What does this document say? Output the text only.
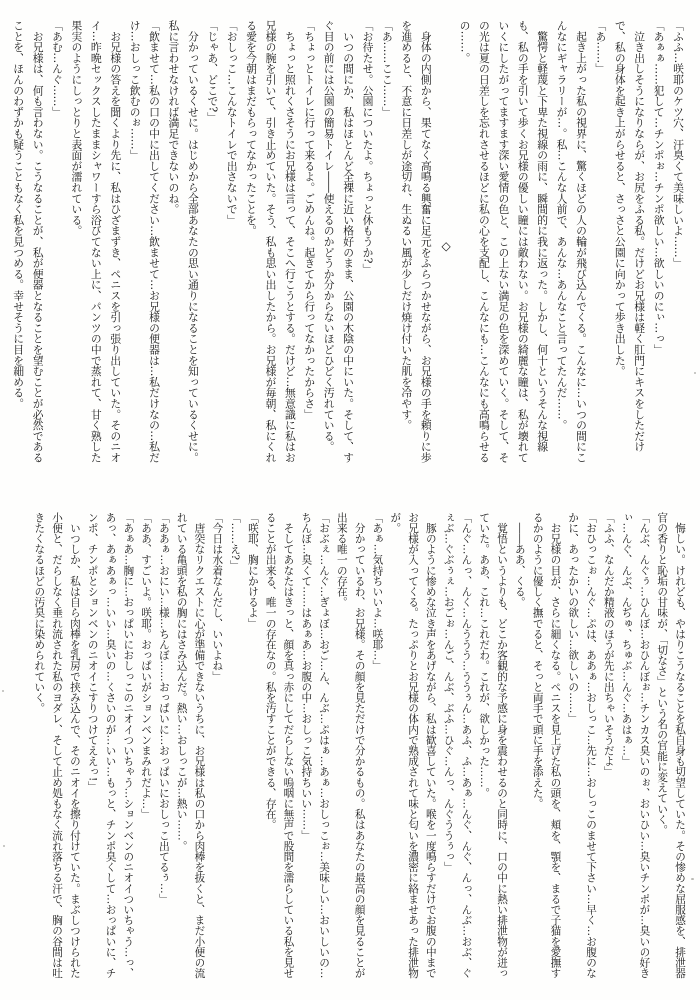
「ふふ…咲耶のケツ穴、汗臭くて美味しいよ……」

「あぁぁ……犯して…チンポぉ…チンポ欲しい…欲しいのにぃ…っ」

　泣き出しそうになりならが、お尻をふる私。だけどお兄様は軽く肛門にキスをしただけで、私の身体を起き上がらせると、さっさと公園に向かって歩き出した。

「あ……」

　起き上がった私の視界に、驚くほどの人の輪が飛び込んでくる。こんなに…いつの間にこんなにギャラリーが…。私…こんな人前で、あんな…あんなこと言ってたんだ……。

　驚愕と軽蔑と下卑た視線の雨に、瞬間的に我に返った。しかし、何十というそんな視線も、私の手を引いて歩くお兄様の優しい瞳には敵わない。お兄様の綺麗な瞳は、私が壊れていくにしたがってますます深い愛情の色と、この上ない満足の色を深めていく。そして、その光は夏の日差しを忘れさせるほどに私の心を支配し、こんなにも…こんなにも高鳴らせるの……。

◇

　身体の内側から、果てなく高鳴る興奮に足元をふらつかせながら、お兄様の手を頼りに歩を進めると、不意に日差しが途切れ、生ぬるい風が少しだけ焼け付いた肌を冷やす。

「あ……ここ……」

「お待たせ。公園についたよ。ちょっと休もうか?」

　いつの間にか、私はほとんど全裸に近い格好のまま、公園の木陰の中にいた。そして、すぐ目の前には公園の簡易トイレ――使えるのかどうか分からないほどひどく汚れている。

「ちょっとトイレに行って来るよ。ごめんね。起きてから行ってなかったからさ」

　ちょっと照れくさそうにお兄様は言って、そこへ行こうとする。だけど…無意識に私はお兄様の腕を引いて、引き止めていた。そう、私も思い出したから。お兄様が毎朝、私にくれる愛を今朝はまだもらってなかったことを。

「おしっこ…こんなトイレで出さないで」

「じゃあ、どこで?」

　分かっているくせに。はじめから全部あなたの思い通りになることを知っているくせに。私に言わせなければ満足できないのね。

「飲ませて…私の口の中に出してください…飲ませて…お兄様の便器は…私だけなの…私だけ…おしっこ飲むのぉ……」

　お兄様の答えを聞くより先に、私はひざまずき、ペニスを引っ張り出していた。そのニオイ…昨晩セックスしたままシャワーすら浴びてない上に、パンツの中で蒸れて、甘く熟した果実のようにしっとりと表面が濡れている。

「あむ…んぐ……」

　お兄様は、何も言わない。こうなることが、私が便器となることを望むことが必然であることを、ほんのわずかも疑うこともなく私を見つめる。幸せそうに目を細める。

　悔しい。けれども、やはりこうなることを私自身も切望していた。その惨めな屈服感を、排泄器官の香りと恥垢の甘味が、「切なさ」という名の官能に変えていく。

「んぶ、んぐぅ…ひんぼ…おひんぼぉ…チンカス臭いのぉ、おいひい…臭いチンポが…臭いの好きぃ…んぐ、んぶ、んぢゅ、ちゅぶ…んぐ…あはぁ…」

「ふふ、なんだか精液のほうが先に出ちゃいそうだよ」

「おひっこぉ…んぐ…ぷは、ああぁ…おしっこ…先に…おしっこのませて下さい…早く…お腹のなかに、あったかいの欲しい…欲しいの……」

　お兄様の目が、さらに細くなる。ペニスを見上げた私の頭を、頬を、顎を、まるで子猫を愛撫するかのように優しく撫でると、そっと両手で頭に手を添えた。

　――ああ、くる。

　覚悟というよりも、どこか客観的な予感に身を震わせるのと同時に、口の中に熱い排泄物が迸っていた。ああ、これ…これだわ。これが、欲しかった……。

「んぐ…んっ、んく…んううう…ううぅん…あふ、ふ…あぁ…んぐ、んぐ、んっ、んぶ…おぶ、ぐぇぶ…ぐぶぅぇ…おごぉ…んご、んぶ、ぶふ…ひぐ…んっ、んぐううぅっ」

　豚のように惨めな泣き声をあげながら、私は歓喜していた。喉を一度鳴らすだけでお腹の中までお兄様が入ってくる。たっぷりとお兄様の体内で熟成されて味と匂いを濃密に絡ませあった排泄物が。

「あぁ…気持ちいいよ…咲耶…」

　分かっているわ、お兄様。その顔を見ただけで分かるもの。私はあなたの最高の顔を見ることが出来る唯一の存在。

「おぶぇ…んぐ…ぎょぼ…おご…ん、んぶ…ぷはぁ…あぁ…おしっこぉ…美味しい…おいしいの…ちんぼ…臭くて……はあぁあ…お腹の中…おしっこ気持ちいい……」

　そしてあなたはきっと、顔を真っ赤にしてだらしない嗚咽に無声で股間を濡らしている私を見せることが出来る、唯一の存在なの。私を汚すことができる、存在。

「咲耶、胸にかけるよ」

「……え?」

「今日は水着なんだし、いいよね」

　唐突なリクエストに心が準備できないうちに、お兄様は私の口から肉棒を抜くと、まだ小便の流れている亀頭を私の胸にはさみ込んだ。熱い…おしっこが…熱い……。

「ああぁ…おにい…様…ちんぼ……おっぱいに…おっぱいにおしっこ出てるぅ…」

「ああ、すごいよ。咲耶。おっぱいがションベンまみれだよ…」

「あぁあ…胸に…おっぱいにおしっこのニオイついちゃう…ションベンのニオイついちゃう…っ、あっ、あぁあぁっ…いい…臭いの…くさいのが…いい…もっと、チンポ臭くして…おっぱいに、チンポ、チンポとションベンのニオイこすりつけてええっ!」

　いつしか、私は自ら肉棒を乳房で挟み込んで、そのニオイを擦り付けていた。まぶしつけられた小便と、だらしなく垂れ流された私のヨダレ、そして止め処もなく流れ落ちる汗で、胸の谷間は吐きたくなるほどの汚臭に染められていく。
